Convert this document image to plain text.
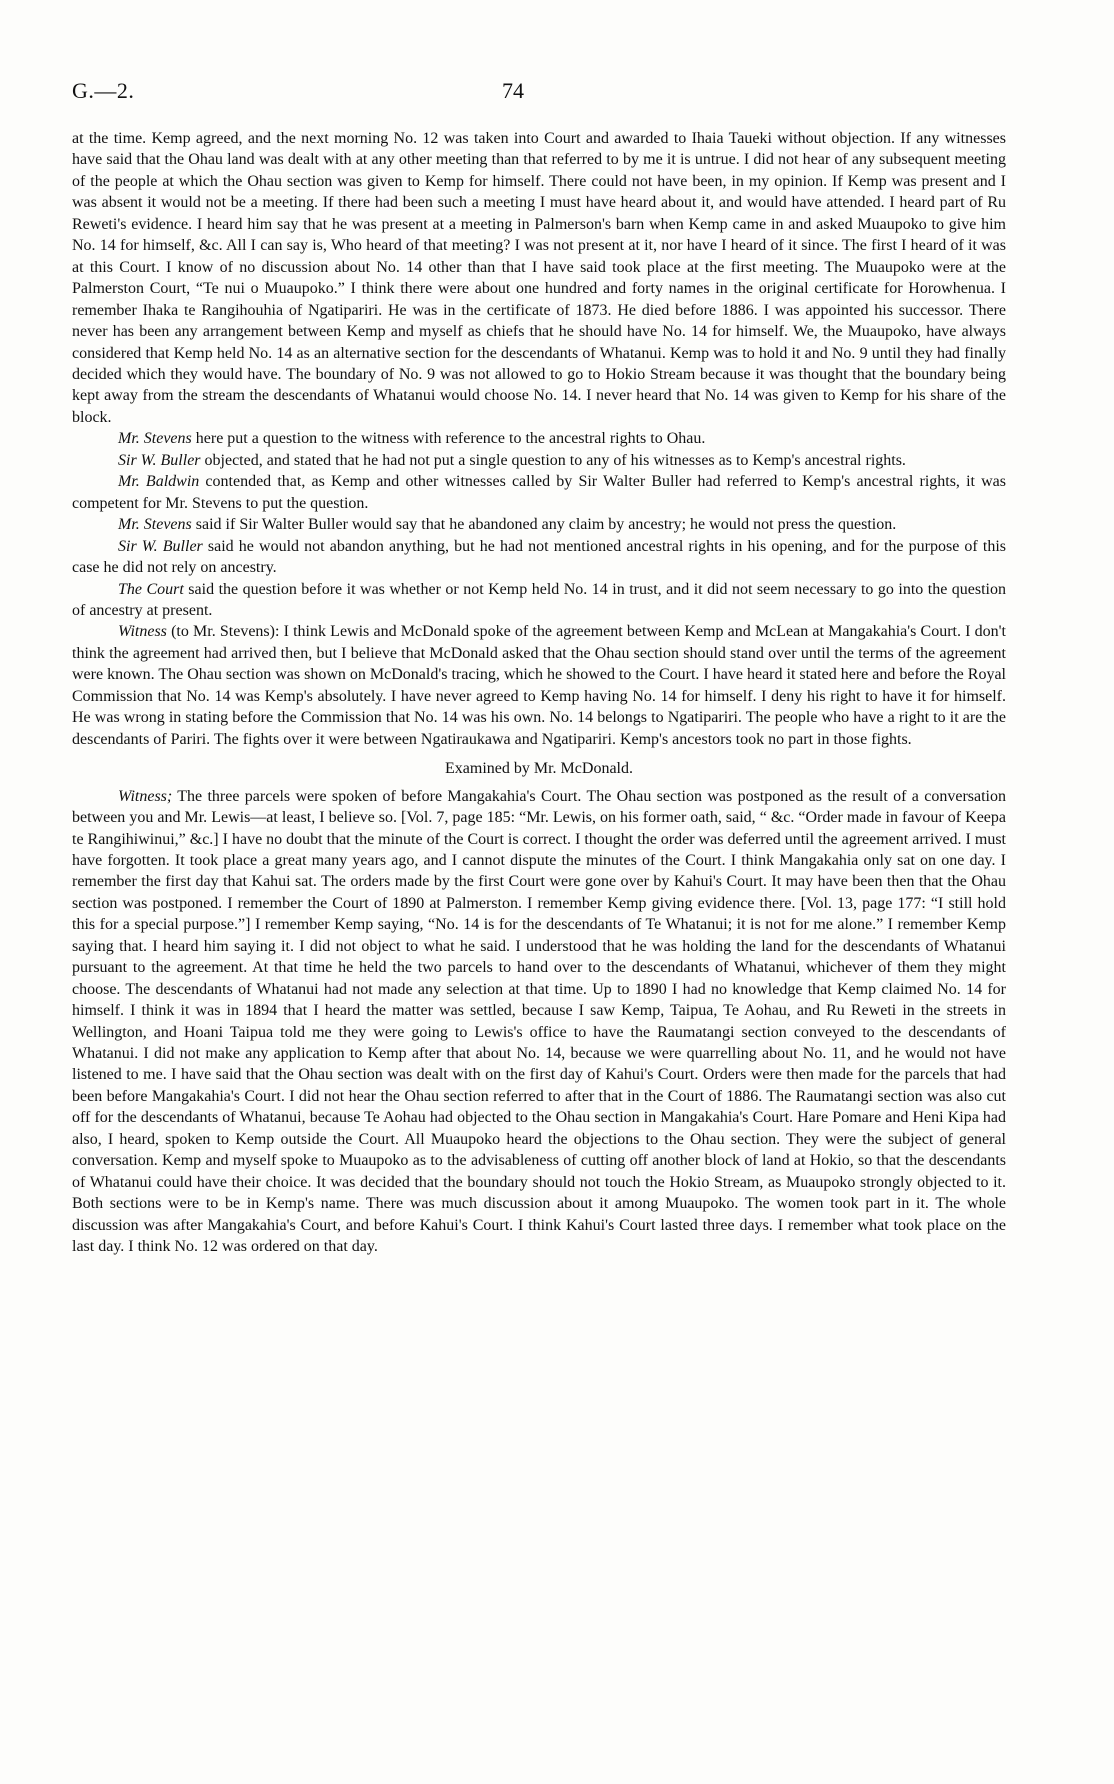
G.—2.	74

at the time. Kemp agreed, and the next morning No. 12 was taken into Court and awarded to Ihaia Taueki without objection. If any witnesses have said that the Ohau land was dealt with at any other meeting than that referred to by me it is untrue. I did not hear of any subsequent meeting of the people at which the Ohau section was given to Kemp for himself. There could not have been, in my opinion. If Kemp was present and I was absent it would not be a meeting. If there had been such a meeting I must have heard about it, and would have attended. I heard part of Ru Reweti's evidence. I heard him say that he was present at a meeting in Palmerson's barn when Kemp came in and asked Muaupoko to give him No. 14 for himself, &c. All I can say is, Who heard of that meeting? I was not present at it, nor have I heard of it since. The first I heard of it was at this Court. I know of no discussion about No. 14 other than that I have said took place at the first meeting. The Muaupoko were at the Palmerston Court, “Te nui o Muaupoko.” I think there were about one hundred and forty names in the original certificate for Horowhenua. I remember Ihaka te Rangihouhia of Ngatipariri. He was in the certificate of 1873. He died before 1886. I was appointed his successor. There never has been any arrangement between Kemp and myself as chiefs that he should have No. 14 for himself. We, the Muaupoko, have always considered that Kemp held No. 14 as an alternative section for the descendants of Whatanui. Kemp was to hold it and No. 9 until they had finally decided which they would have. The boundary of No. 9 was not allowed to go to Hokio Stream because it was thought that the boundary being kept away from the stream the descendants of Whatanui would choose No. 14. I never heard that No. 14 was given to Kemp for his share of the block.

Mr. Stevens here put a question to the witness with reference to the ancestral rights to Ohau.

Sir W. Buller objected, and stated that he had not put a single question to any of his witnesses as to Kemp's ancestral rights.

Mr. Baldwin contended that, as Kemp and other witnesses called by Sir Walter Buller had referred to Kemp's ancestral rights, it was competent for Mr. Stevens to put the question.

Mr. Stevens said if Sir Walter Buller would say that he abandoned any claim by ancestry; he would not press the question.

Sir W. Buller said he would not abandon anything, but he had not mentioned ancestral rights in his opening, and for the purpose of this case he did not rely on ancestry.

The Court said the question before it was whether or not Kemp held No. 14 in trust, and it did not seem necessary to go into the question of ancestry at present.

Witness (to Mr. Stevens): I think Lewis and McDonald spoke of the agreement between Kemp and McLean at Mangakahia's Court. I don't think the agreement had arrived then, but I believe that McDonald asked that the Ohau section should stand over until the terms of the agreement were known. The Ohau section was shown on McDonald's tracing, which he showed to the Court. I have heard it stated here and before the Royal Commission that No. 14 was Kemp's absolutely. I have never agreed to Kemp having No. 14 for himself. I deny his right to have it for himself. He was wrong in stating before the Commission that No. 14 was his own. No. 14 belongs to Ngatipariri. The people who have a right to it are the descendants of Pariri. The fights over it were between Ngatiraukawa and Ngatipariri. Kemp's ancestors took no part in those fights.

Examined by Mr. McDonald.

Witness; The three parcels were spoken of before Mangakahia's Court. The Ohau section was postponed as the result of a conversation between you and Mr. Lewis—at least, I believe so. [Vol. 7, page 185: “Mr. Lewis, on his former oath, said, “ &c. “Order made in favour of Keepa te Rangihiwinui,” &c.] I have no doubt that the minute of the Court is correct. I thought the order was deferred until the agreement arrived. I must have forgotten. It took place a great many years ago, and I cannot dispute the minutes of the Court. I think Mangakahia only sat on one day. I remember the first day that Kahui sat. The orders made by the first Court were gone over by Kahui's Court. It may have been then that the Ohau section was postponed. I remember the Court of 1890 at Palmerston. I remember Kemp giving evidence there. [Vol. 13, page 177: “I still hold this for a special purpose.”] I remember Kemp saying, “No. 14 is for the descendants of Te Whatanui; it is not for me alone.” I remember Kemp saying that. I heard him saying it. I did not object to what he said. I understood that he was holding the land for the descendants of Whatanui pursuant to the agreement. At that time he held the two parcels to hand over to the descendants of Whatanui, whichever of them they might choose. The descendants of Whatanui had not made any selection at that time. Up to 1890 I had no knowledge that Kemp claimed No. 14 for himself. I think it was in 1894 that I heard the matter was settled, because I saw Kemp, Taipua, Te Aohau, and Ru Reweti in the streets in Wellington, and Hoani Taipua told me they were going to Lewis's office to have the Raumatangi section conveyed to the descendants of Whatanui. I did not make any application to Kemp after that about No. 14, because we were quarrelling about No. 11, and he would not have listened to me. I have said that the Ohau section was dealt with on the first day of Kahui's Court. Orders were then made for the parcels that had been before Mangakahia's Court. I did not hear the Ohau section referred to after that in the Court of 1886. The Raumatangi section was also cut off for the descendants of Whatanui, because Te Aohau had objected to the Ohau section in Mangakahia's Court. Hare Pomare and Heni Kipa had also, I heard, spoken to Kemp outside the Court. All Muaupoko heard the objections to the Ohau section. They were the subject of general conversation. Kemp and myself spoke to Muaupoko as to the advisableness of cutting off another block of land at Hokio, so that the descendants of Whatanui could have their choice. It was decided that the boundary should not touch the Hokio Stream, as Muaupoko strongly objected to it. Both sections were to be in Kemp's name. There was much discussion about it among Muaupoko. The women took part in it. The whole discussion was after Mangakahia's Court, and before Kahui's Court. I think Kahui's Court lasted three days. I remember what took place on the last day. I think No. 12 was ordered on that day.
